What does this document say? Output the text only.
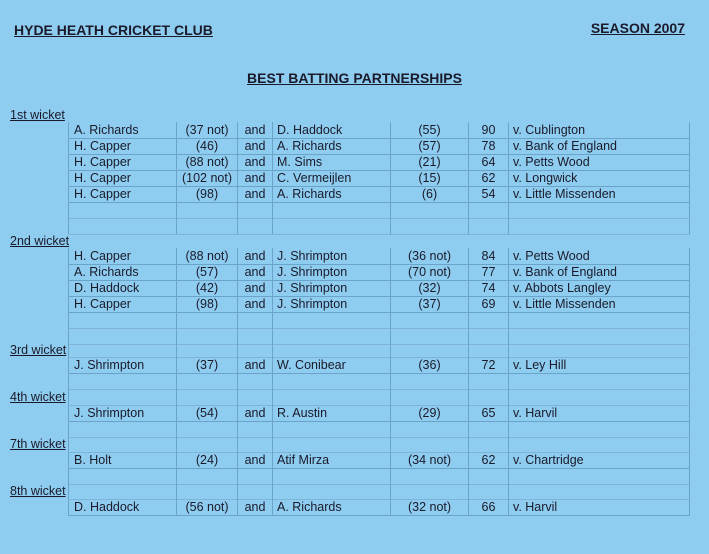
HYDE HEATH CRICKET CLUB	SEASON 2007
BEST BATTING PARTNERSHIPS
1st wicket
A. Richards	(37 not)	and D. Haddock	(55)	90	v. Cublington
H. Capper	(46)	and A. Richards	(57)	78	v. Bank of England
H. Capper	(88 not)	and M. Sims	(21)	64	v. Petts Wood
H. Capper	(102 not)	and C. Vermeijlen	(15)	62	v. Longwick
H. Capper	(98)	and A. Richards	(6)	54	v. Little Missenden
2nd wicket
H. Capper	(88 not)	and J. Shrimpton	(36 not)	84	v. Petts Wood
A. Richards	(57)	and J. Shrimpton	(70 not)	77	v. Bank of England
D. Haddock	(42)	and J. Shrimpton	(32)	74	v. Abbots Langley
H. Capper	(98)	and J. Shrimpton	(37)	69	v. Little Missenden
3rd wicket
J. Shrimpton	(37)	and W. Conibear	(36)	72	v. Ley Hill
4th wicket
J. Shrimpton	(54)	and R. Austin	(29)	65	v. Harvil
7th wicket
B. Holt	(24)	and Atif Mirza	(34 not)	62	v. Chartridge
8th wicket
D. Haddock	(56 not)	and A. Richards	(32 not)	66	v. Harvil
